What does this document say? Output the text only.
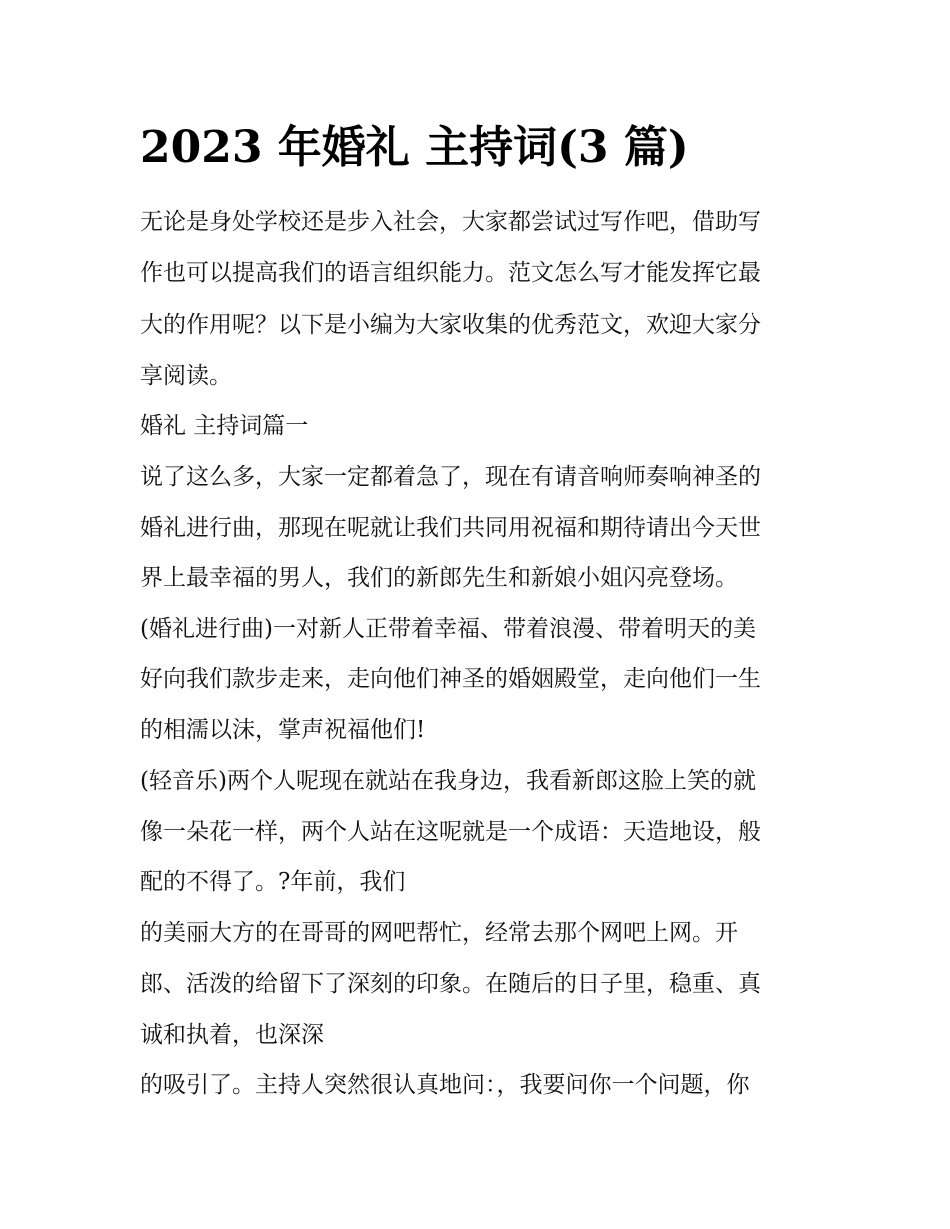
2023 年婚礼 主持词(3 篇)

无论是身处学校还是步入社会，大家都尝试过写作吧，借助写

作也可以提高我们的语言组织能力。范文怎么写才能发挥它最

大的作用呢？以下是小编为大家收集的优秀范文，欢迎大家分

享阅读。

婚礼 主持词篇一

说了这么多，大家一定都着急了，现在有请音响师奏响神圣的

婚礼进行曲，那现在呢就让我们共同用祝福和期待请出今天世

界上最幸福的男人，我们的新郎先生和新娘小姐闪亮登场。

(婚礼进行曲)一对新人正带着幸福、带着浪漫、带着明天的美

好向我们款步走来，走向他们神圣的婚姻殿堂，走向他们一生

的相濡以沫，掌声祝福他们!

(轻音乐)两个人呢现在就站在我身边，我看新郎这脸上笑的就

像一朵花一样，两个人站在这呢就是一个成语：天造地设，般

配的不得了。?年前，我们

的美丽大方的在哥哥的网吧帮忙，经常去那个网吧上网。开

郎、活泼的给留下了深刻的印象。在随后的日子里，稳重、真

诚和执着，也深深

的吸引了。主持人突然很认真地问：，我要问你一个问题，你
